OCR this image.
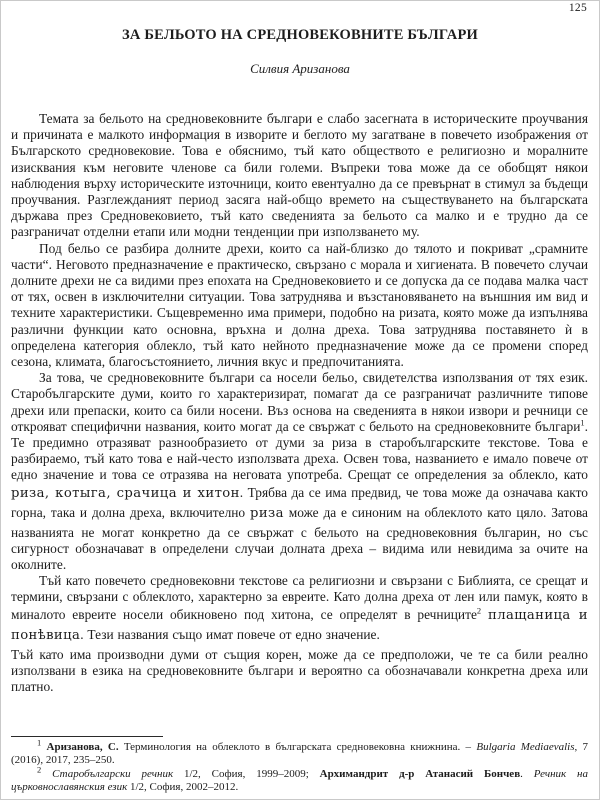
125
ЗА БЕЛЬОТО НА СРЕДНОВЕКОВНИТЕ БЪЛГАРИ
Силвия Аризанова

Темата за бельото на средновековните българи е слабо засегната в историческите проучвания и причината е малкото информация в изворите и беглото му загатване в повечето изображения от Българското средновековие. Това е обяснимо, тъй като обществото е религиозно и моралните изисквания към неговите членове са били големи. Въпреки това може да се обобщят някои наблюдения върху историческите източници, които евентуално да се превърнат в стимул за бъдещи проучвания. Разглежданият период засяга най-общо времето на съществуването на българската държава през Средновековието, тъй като сведенията за бельото са малко и е трудно да се разграничат отделни етапи или модни тенденции при използването му.

Под бельо се разбира долните дрехи, които са най-близко до тялото и покриват „срамните части“. Неговото предназначение е практическо, свързано с морала и хигиената. В повечето случаи долните дрехи не са видими през епохата на Средновековието и се допуска да се подава малка част от тях, освен в изключителни ситуации. Това затруднява и възстановяването на външния им вид и техните характеристики. Същевременно има примери, подобно на ризата, която може да изпълнява различни функции като основна, връхна и долна дреха. Това затруднява поставянето ѝ в определена категория облекло, тъй като нейното предназначение може да се промени според сезона, климата, благосъстоянието, личния вкус и предпочитанията.

За това, че средновековните българи са носели бельо, свидетелства използвания от тях език. Старобългарските думи, които го характеризират, помагат да се разграничат различните типове дрехи или препаски, които са били носени. Въз основа на сведенията в някои извори и речници се открояват специфични названия, които могат да се свържат с бельото на средновековните българи$^1$. Те предимно отразяват разнообразието от думи за риза в старобългарските текстове. Това е разбираемо, тъй като това е най-често използвата дреха. Освен това, названието е имало повече от едно значение и това се отразява на неговата употреба. Срещат се определения за облекло, като риза, котыга, срачица и хитон. Трябва да се има предвид, че това може да означава както горна, така и долна дреха, включително риза може да е синоним на облеклото като цяло. Затова названията не могат конкретно да се свържат с бельото на средновековния българин, но със сигурност обозначават в определени случаи долната дреха – видима или невидима за очите на околните.

Тъй като повечето средновековни текстове са религиозни и свързани с Библията, се срещат и термини, свързани с облеклото, характерно за евреите. Като долна дреха от лен или памук, която в миналото евреите носели обикновено под хитона, се определят в речниците$^2$ плащаница и понѣвица. Тези названия също имат повече от едно значение.

Тъй като има производни думи от същия корен, може да се предположи, че те са били реално използвани в езика на средновековните българи и вероятно са обозначавали конкретна дреха или платно.

$^1$ Аризанова, С. Терминология на облеклото в българската средновековна книжнина. – Bulgaria Mediaevalis, 7 (2016), 2017, 235–250.

$^2$ Старобългарски речник 1/2, София, 1999–2009; Архимандрит д-р Атанасий Бончев. Речник на църковнославянския език 1/2, София, 2002–2012.
